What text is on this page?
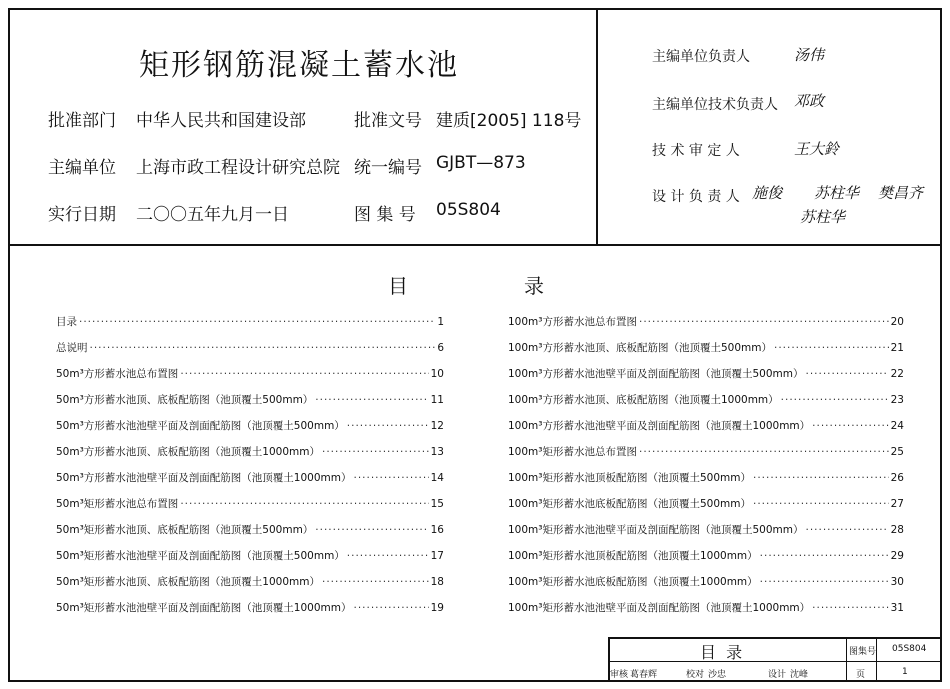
矩形钢筋混凝土蓄水池
批准部门 中华人民共和国建设部	批准文号 建质[2005] 118号
主编单位 上海市政工程设计研究总院 统一编号 GJBT—873
实行日期 二〇〇五年九月一日	图 集 号 05S804
主编单位负责人	汤伟
主编单位技术负责人 邓政
技 术 审 定 人	王大鈴
设 计 负 责 人 施俊 苏柱华 樊昌齐
苏柱华
目	录
目录 ·····	1
总说明 ·····	6
50m³方形蓄水池总布置图 ·····	10
50m³方形蓄水池顶、底板配筋图（池顶覆土500mm） ·····	11
50m³方形蓄水池池壁平面及剖面配筋图（池顶覆土500mm） ·····	12
50m³方形蓄水池顶、底板配筋图（池顶覆土1000mm） ·····	13
50m³方形蓄水池池壁平面及剖面配筋图（池顶覆土1000mm） ·····	14
50m³矩形蓄水池总布置图 ·····	15
50m³矩形蓄水池顶、底板配筋图（池顶覆土500mm） ·····	16
50m³矩形蓄水池池壁平面及剖面配筋图（池顶覆土500mm） ·····	17
50m³矩形蓄水池顶、底板配筋图（池顶覆土1000mm） ·····	18
50m³矩形蓄水池池壁平面及剖面配筋图（池顶覆土1000mm） ·····	19
100m³方形蓄水池总布置图 ·····	20
100m³方形蓄水池顶、底板配筋图（池顶覆土500mm） ·····	21
100m³方形蓄水池池壁平面及剖面配筋图（池顶覆土500mm） ·····	22
100m³方形蓄水池顶、底板配筋图（池顶覆土1000mm） ·····	23
100m³方形蓄水池池壁平面及剖面配筋图（池顶覆土1000mm） ·····	24
100m³矩形蓄水池总布置图 ·····	25
100m³矩形蓄水池顶板配筋图（池顶覆土500mm） ·····	26
100m³矩形蓄水池底板配筋图（池顶覆土500mm） ·····	27
100m³矩形蓄水池池壁平面及剖面配筋图（池顶覆土500mm） ·····	28
100m³矩形蓄水池顶板配筋图（池顶覆土1000mm） ·····	29
100m³矩形蓄水池底板配筋图（池顶覆土1000mm） ·····	30
100m³矩形蓄水池池壁平面及剖面配筋图（池顶覆土1000mm） ·····	31
目  录	图集号 05S804
审核 葛春辉	校对 沙忠	设计 沈峰	页	1
